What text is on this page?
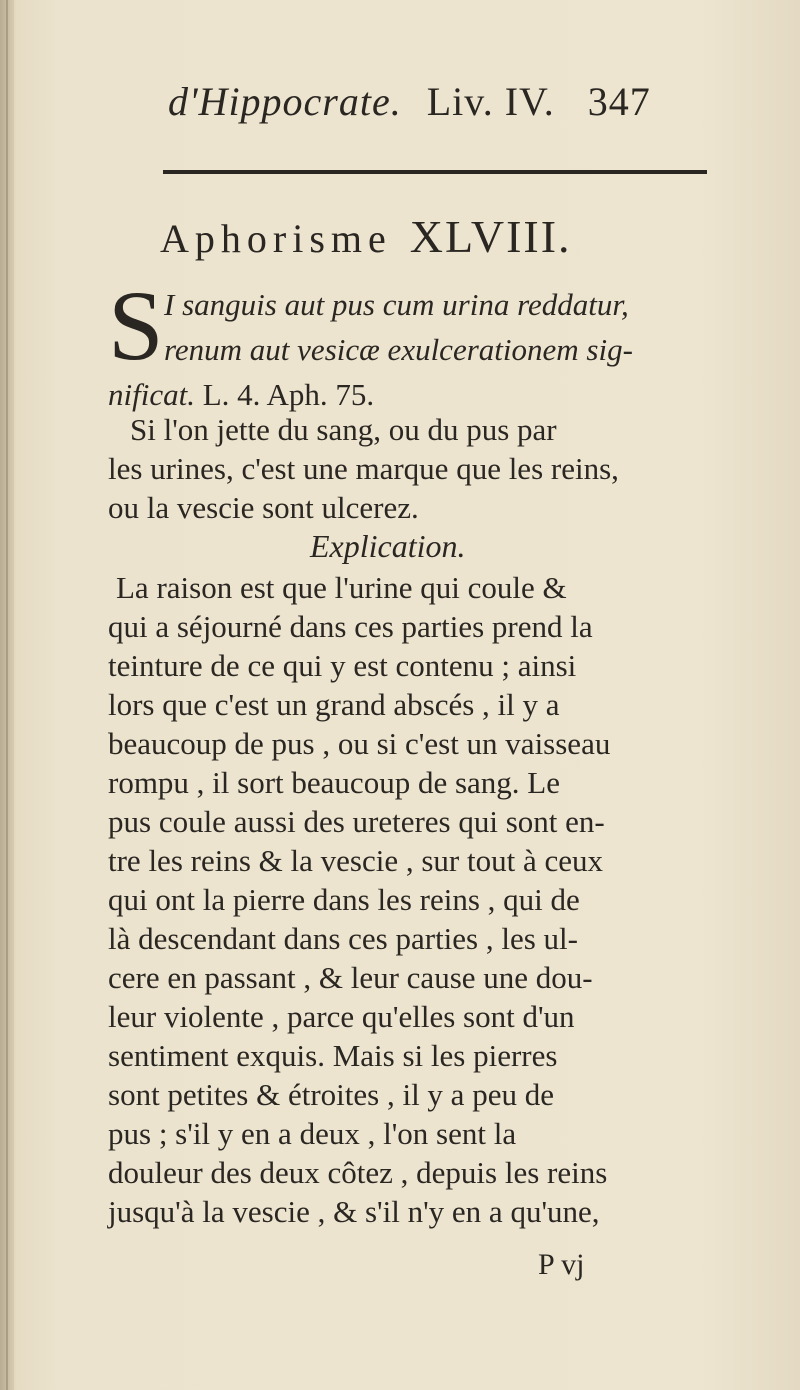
d'Hippocrate. Liv. IV. 347
Aphorisme XLVIII.
S I sanguis aut pus cum urina reddatur,
renum aut vesicæ exulcerationem sig-
nificat. L. 4. Aph. 75.
Si l'on jette du sang, ou du pus par
les urines, c'est une marque que les reins,
ou la vescie sont ulcerez.
Explication.
La raison est que l'urine qui coule &
qui a séjourné dans ces parties prend la
teinture de ce qui y est contenu ; ainsi
lors que c'est un grand abscés , il y a
beaucoup de pus , ou si c'est un vaisseau
rompu , il sort beaucoup de sang. Le
pus coule aussi des ureteres qui sont en-
tre les reins & la vescie , sur tout à ceux
qui ont la pierre dans les reins , qui de
là descendant dans ces parties , les ul-
cere en passant , & leur cause une dou-
leur violente , parce qu'elles sont d'un
sentiment exquis. Mais si les pierres
sont petites & étroites , il y a peu de
pus ; s'il y en a deux , l'on sent la
douleur des deux côtez , depuis les reins
jusqu'à la vescie , & s'il n'y en a qu'une,
P vj
